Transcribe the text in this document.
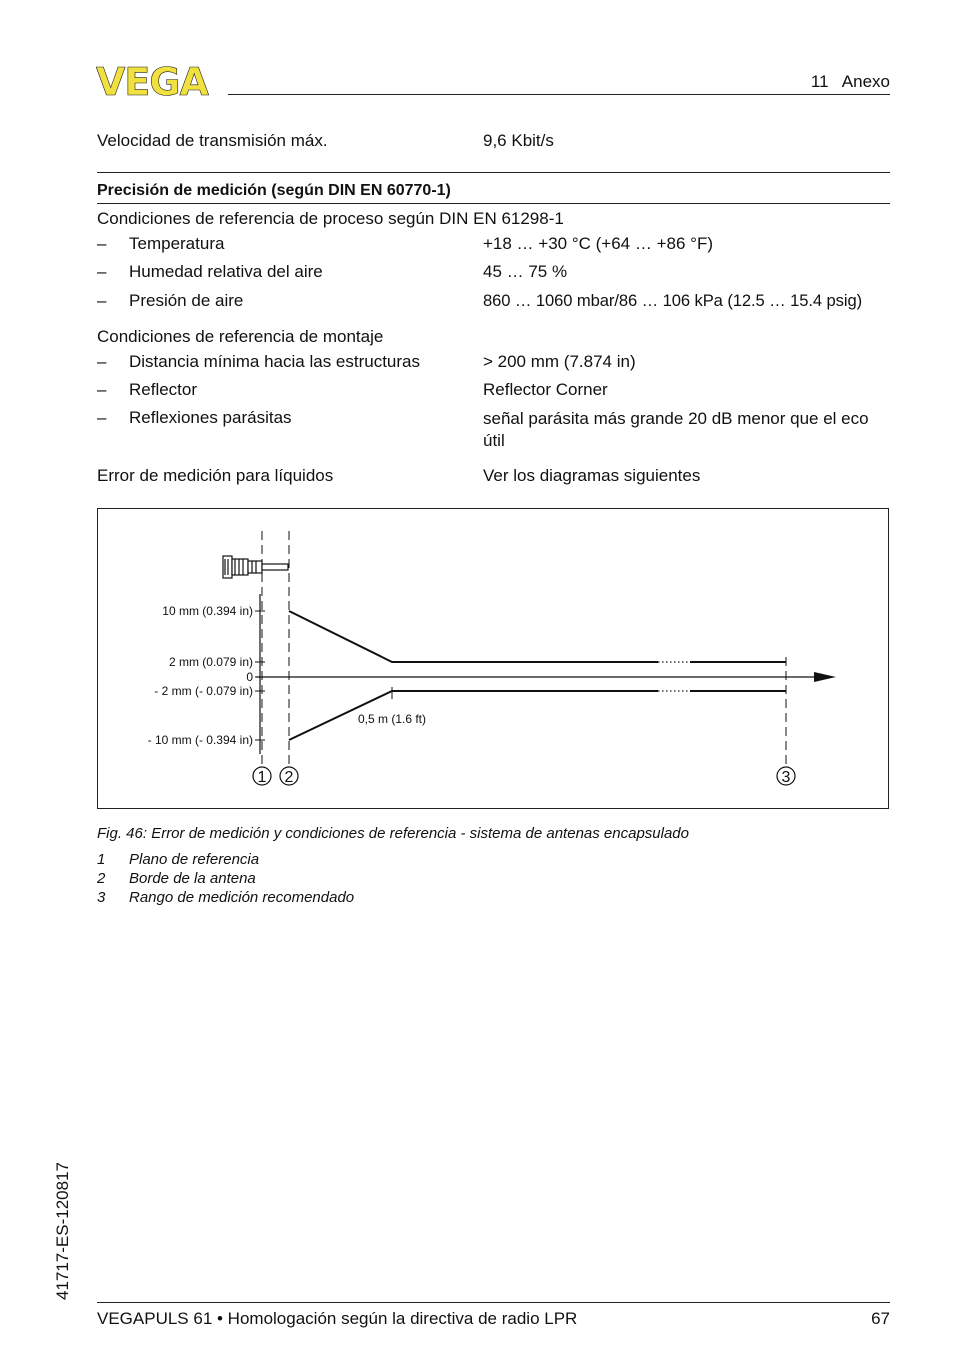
VEGA	11   Anexo
Velocidad de transmisión máx.	9,6 Kbit/s
Precisión de medición (según DIN EN 60770-1)
Condiciones de referencia de proceso según DIN EN 61298-1
– Temperatura	+18 … +30 °C (+64 … +86 °F)
– Humedad relativa del aire	45 … 75 %
– Presión de aire	860 … 1060 mbar/86 … 106 kPa (12.5 … 15.4 psig)
Condiciones de referencia de montaje
– Distancia mínima hacia las estructuras	> 200 mm (7.874 in)
– Reflector	Reflector Corner
– Reflexiones parásitas	señal parásita más grande 20 dB menor que el eco útil
Error de medición para líquidos	Ver los diagramas siguientes
10 mm (0.394 in)
2 mm (0.079 in)
0
- 2 mm (- 0.079 in)
- 10 mm (- 0.394 in)
0,5 m (1.6 ft)
1 2	3
Fig. 46: Error de medición y condiciones de referencia - sistema de antenas encapsulado
1 Plano de referencia
2 Borde de la antena
3 Rango de medición recomendado
41717-ES-120817
VEGAPULS 61 • Homologación según la directiva de radio LPR	67
